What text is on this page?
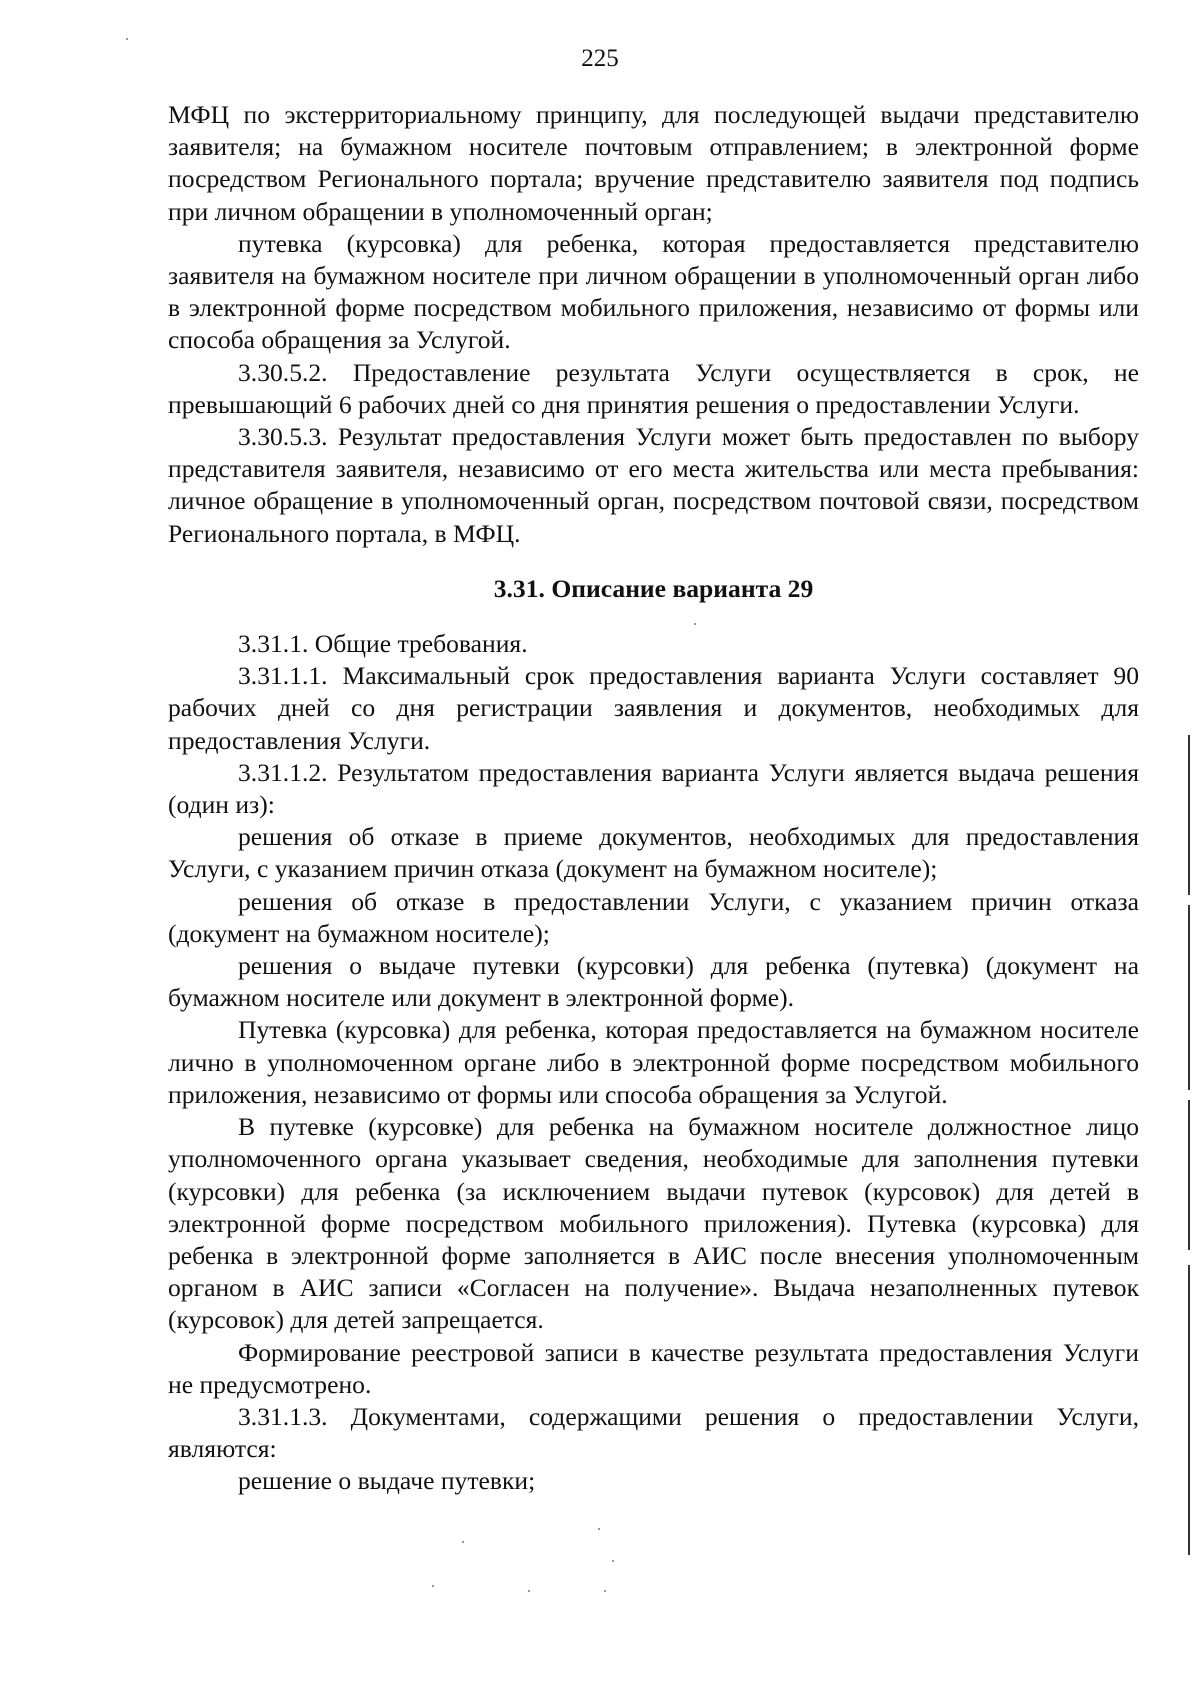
225

МФЦ по экстерриториальному принципу, для последующей выдачи представителю заявителя; на бумажном носителе почтовым отправлением; в электронной форме посредством Регионального портала; вручение представителю заявителя под подпись при личном обращении в уполномоченный орган;

путевка (курсовка) для ребенка, которая предоставляется представителю заявителя на бумажном носителе при личном обращении в уполномоченный орган либо в электронной форме посредством мобильного приложения, независимо от формы или способа обращения за Услугой.

3.30.5.2. Предоставление результата Услуги осуществляется в срок, не превышающий 6 рабочих дней со дня принятия решения о предоставлении Услуги.

3.30.5.3. Результат предоставления Услуги может быть предоставлен по выбору представителя заявителя, независимо от его места жительства или места пребывания: личное обращение в уполномоченный орган, посредством почтовой связи, посредством Регионального портала, в МФЦ.

3.31. Описание варианта 29

3.31.1. Общие требования.

3.31.1.1. Максимальный срок предоставления варианта Услуги составляет 90 рабочих дней со дня регистрации заявления и документов, необходимых для предоставления Услуги.

3.31.1.2. Результатом предоставления варианта Услуги является выдача решения (один из):

решения об отказе в приеме документов, необходимых для предоставления Услуги, с указанием причин отказа (документ на бумажном носителе);

решения об отказе в предоставлении Услуги, с указанием причин отказа (документ на бумажном носителе);

решения о выдаче путевки (курсовки) для ребенка (путевка) (документ на бумажном носителе или документ в электронной форме).

Путевка (курсовка) для ребенка, которая предоставляется на бумажном носителе лично в уполномоченном органе либо в электронной форме посредством мобильного приложения, независимо от формы или способа обращения за Услугой.

В путевке (курсовке) для ребенка на бумажном носителе должностное лицо уполномоченного органа указывает сведения, необходимые для заполнения путевки (курсовки) для ребенка (за исключением выдачи путевок (курсовок) для детей в электронной форме посредством мобильного приложения). Путевка (курсовка) для ребенка в электронной форме заполняется в АИС после внесения уполномоченным органом в АИС записи «Согласен на получение». Выдача незаполненных путевок (курсовок) для детей запрещается.

Формирование реестровой записи в качестве результата предоставления Услуги не предусмотрено.

3.31.1.3. Документами, содержащими решения о предоставлении Услуги, являются:

решение о выдаче путевки;
